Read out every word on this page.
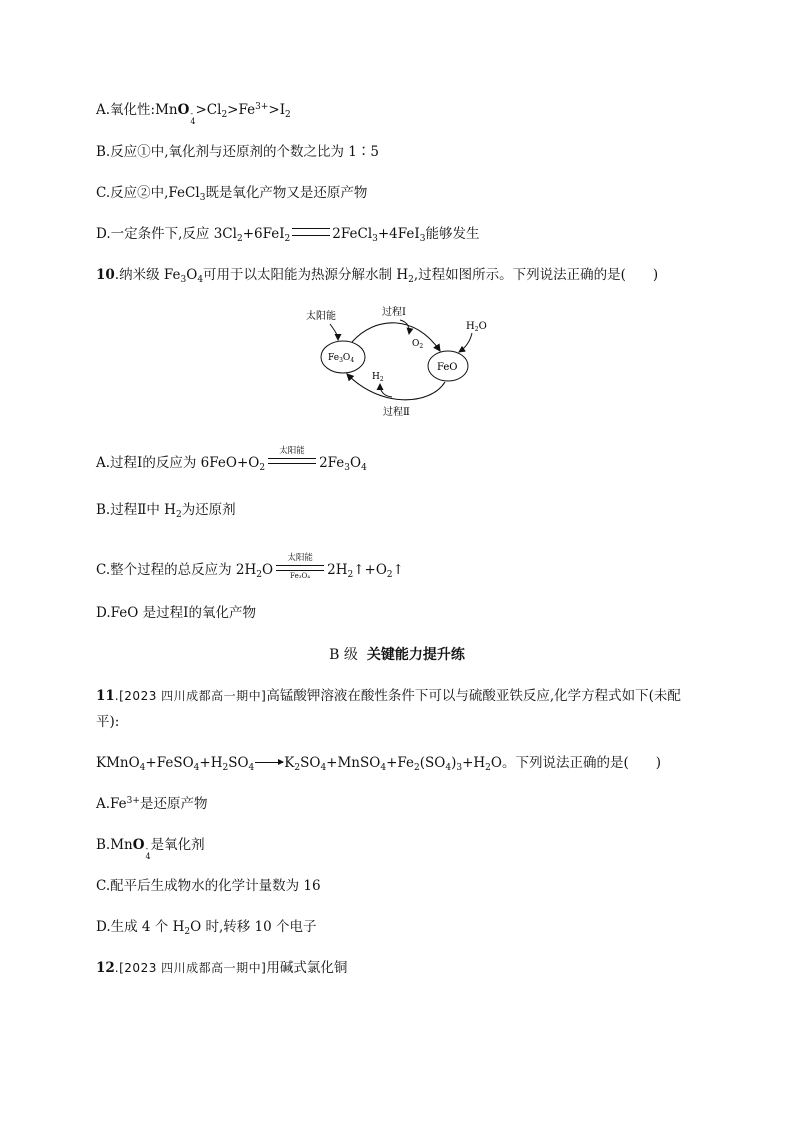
A.氧化性:MnO -
4
$>Cl_2>Fe^{3+}>I_2$
B.反应①中,氧化剂与还原剂的个数之比为 1∶5
C.反应②中,FeCl$_3$既是氧化产物又是还原产物
D.一定条件下,反应 $3Cl_2+6FeI_2$	2FeCl$_3$+4FeI$_3$能够发生
10.纳米级 $Fe_3O_4$可用于以太阳能为热源分解水制 $H_2$,过程如图所示。下列说法正确的是(　　)
$Fe_3O_4$
FeO
过程Ⅰ
$O_2$
太阳能
$H_2O$
过程Ⅱ
$H_2$
A.过程Ⅰ的反应为 $6FeO+O_2$
太阳能
$2Fe_3O_4$
B.过程Ⅱ中 $H_2$为还原剂
C.整个过程的总反应为 $2H_2O$
太阳能
Fe₃O₄	$2H_2↑+O_2↑$
D.FeO 是过程Ⅰ的氧化产物
B 级 关键能力提升练
11.[2023 四川成都高一期中]高锰酸钾溶液在酸性条件下可以与硫酸亚铁反应,化学方程式如下(未配
平):
$KMnO_4+FeSO_4+H_2SO_4$ $\to K_2SO_4+MnSO_4+Fe_2(SO_4)_3+H_2O$。下列说法正确的是(　　)
$A.Fe^{3+}$是还原产物
B.MnO -
4
是氧化剂
C.配平后生成物水的化学计量数为 16
D.生成 4 个 $H_2O$ 时,转移 10 个电子
12.[2023 四川成都高一期中]用碱式氯化铜
